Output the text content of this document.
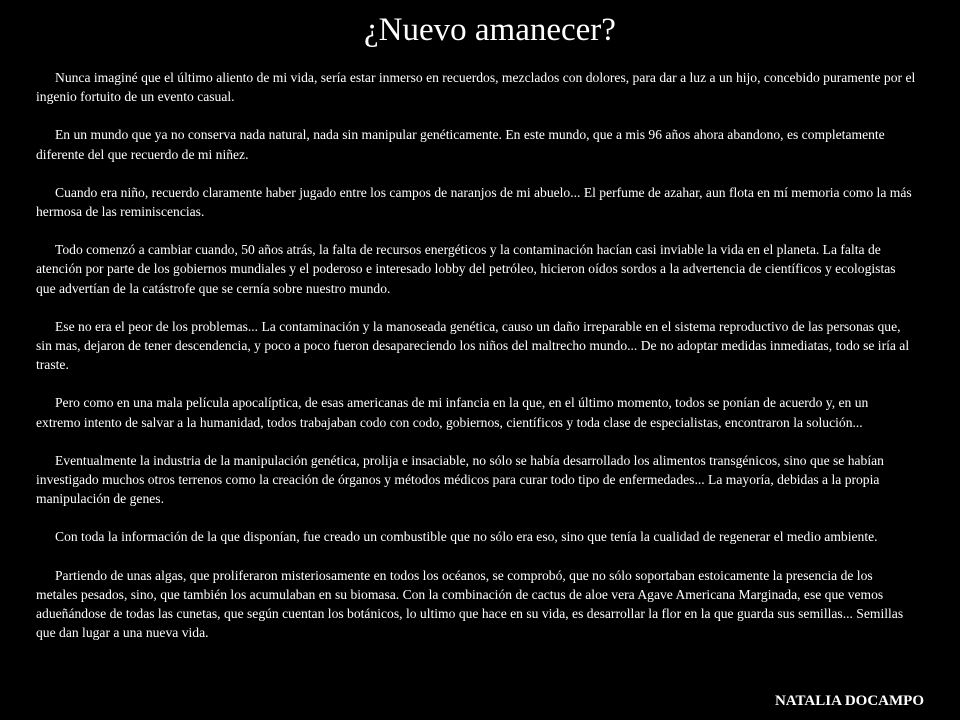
¿Nuevo amanecer?

Nunca imaginé que el último aliento de mi vida, sería estar inmerso en recuerdos, mezclados con dolores, para dar a luz a un hijo, concebido puramente por el ingenio fortuito de un evento casual.

En un mundo que ya no conserva nada natural, nada sin manipular genéticamente. En este mundo, que a mis 96 años ahora abandono, es completamente diferente del que recuerdo de mi niñez.

Cuando era niño, recuerdo claramente haber jugado entre los campos de naranjos de mi abuelo... El perfume de azahar, aun flota en mí memoria como la más hermosa de las reminiscencias.

Todo comenzó a cambiar cuando, 50 años atrás, la falta de recursos energéticos y la contaminación hacían casi inviable la vida en el planeta. La falta de atención por parte de los gobiernos mundiales y el poderoso e interesado lobby del petróleo, hicieron oídos sordos a la advertencia de científicos y ecologistas que advertían de la catástrofe que se cernía sobre nuestro mundo.

Ese no era el peor de los problemas... La contaminación y la manoseada genética, causo un daño irreparable en el sistema reproductivo de las personas que, sin mas, dejaron de tener descendencia, y poco a poco fueron desapareciendo los niños del maltrecho mundo... De no adoptar medidas inmediatas, todo se iría al traste.

Pero como en una mala película apocalíptica, de esas americanas de mi infancia en la que, en el último momento, todos se ponían de acuerdo y, en un extremo intento de salvar a la humanidad, todos trabajaban codo con codo, gobiernos, científicos y toda clase de especialistas, encontraron la solución...

Eventualmente la industria de la manipulación genética, prolija e insaciable, no sólo se había desarrollado los alimentos transgénicos, sino que se habían investigado muchos otros terrenos como la creación de órganos y métodos médicos para curar todo tipo de enfermedades... La mayoría, debidas a la propia manipulación de genes.

Con toda la información de la que disponían, fue creado un combustible que no sólo era eso, sino que tenía la cualidad de regenerar el medio ambiente.

Partiendo de unas algas, que proliferaron misteriosamente en todos los océanos, se comprobó, que no sólo soportaban estoicamente la presencia de los metales pesados, sino, que también los acumulaban en su biomasa. Con la combinación de cactus de aloe vera Agave Americana Marginada, ese que vemos adueñándose de todas las cunetas, que según cuentan los botánicos, lo ultimo que hace en su vida, es desarrollar la flor en la que guarda sus semillas... Semillas que dan lugar a una nueva vida.

NATALIA DOCAMPO
